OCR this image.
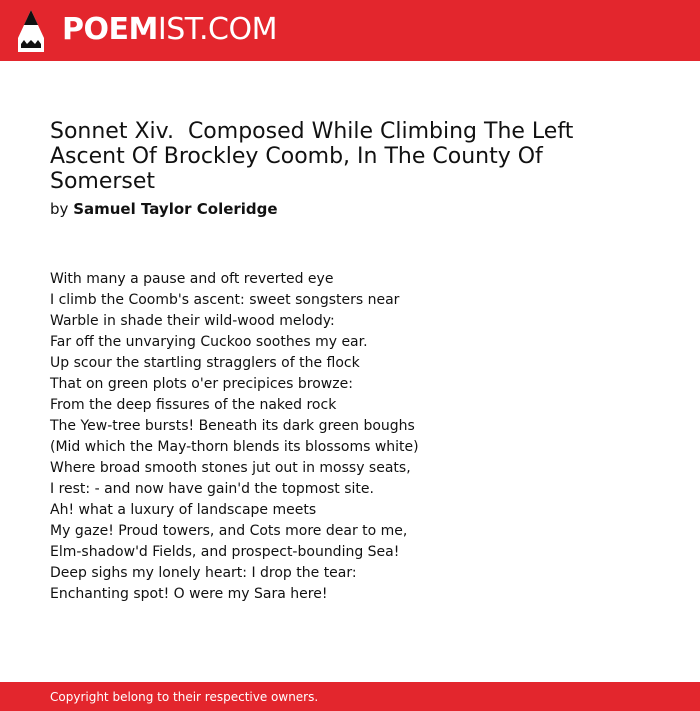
POEMIST.COM
Sonnet Xiv.  Composed While Climbing The Left Ascent Of Brockley Coomb, In The County Of Somerset
by Samuel Taylor Coleridge
With many a pause and oft reverted eye
I climb the Coomb's ascent: sweet songsters near
Warble in shade their wild-wood melody:
Far off the unvarying Cuckoo soothes my ear.
Up scour the startling stragglers of the flock
That on green plots o'er precipices browze:
From the deep fissures of the naked rock
The Yew-tree bursts! Beneath its dark green boughs
(Mid which the May-thorn blends its blossoms white)
Where broad smooth stones jut out in mossy seats,
I rest: - and now have gain'd the topmost site.
Ah! what a luxury of landscape meets
My gaze! Proud towers, and Cots more dear to me,
Elm-shadow'd Fields, and prospect-bounding Sea!
Deep sighs my lonely heart: I drop the tear:
Enchanting spot! O were my Sara here!
Copyright belong to their respective owners.
